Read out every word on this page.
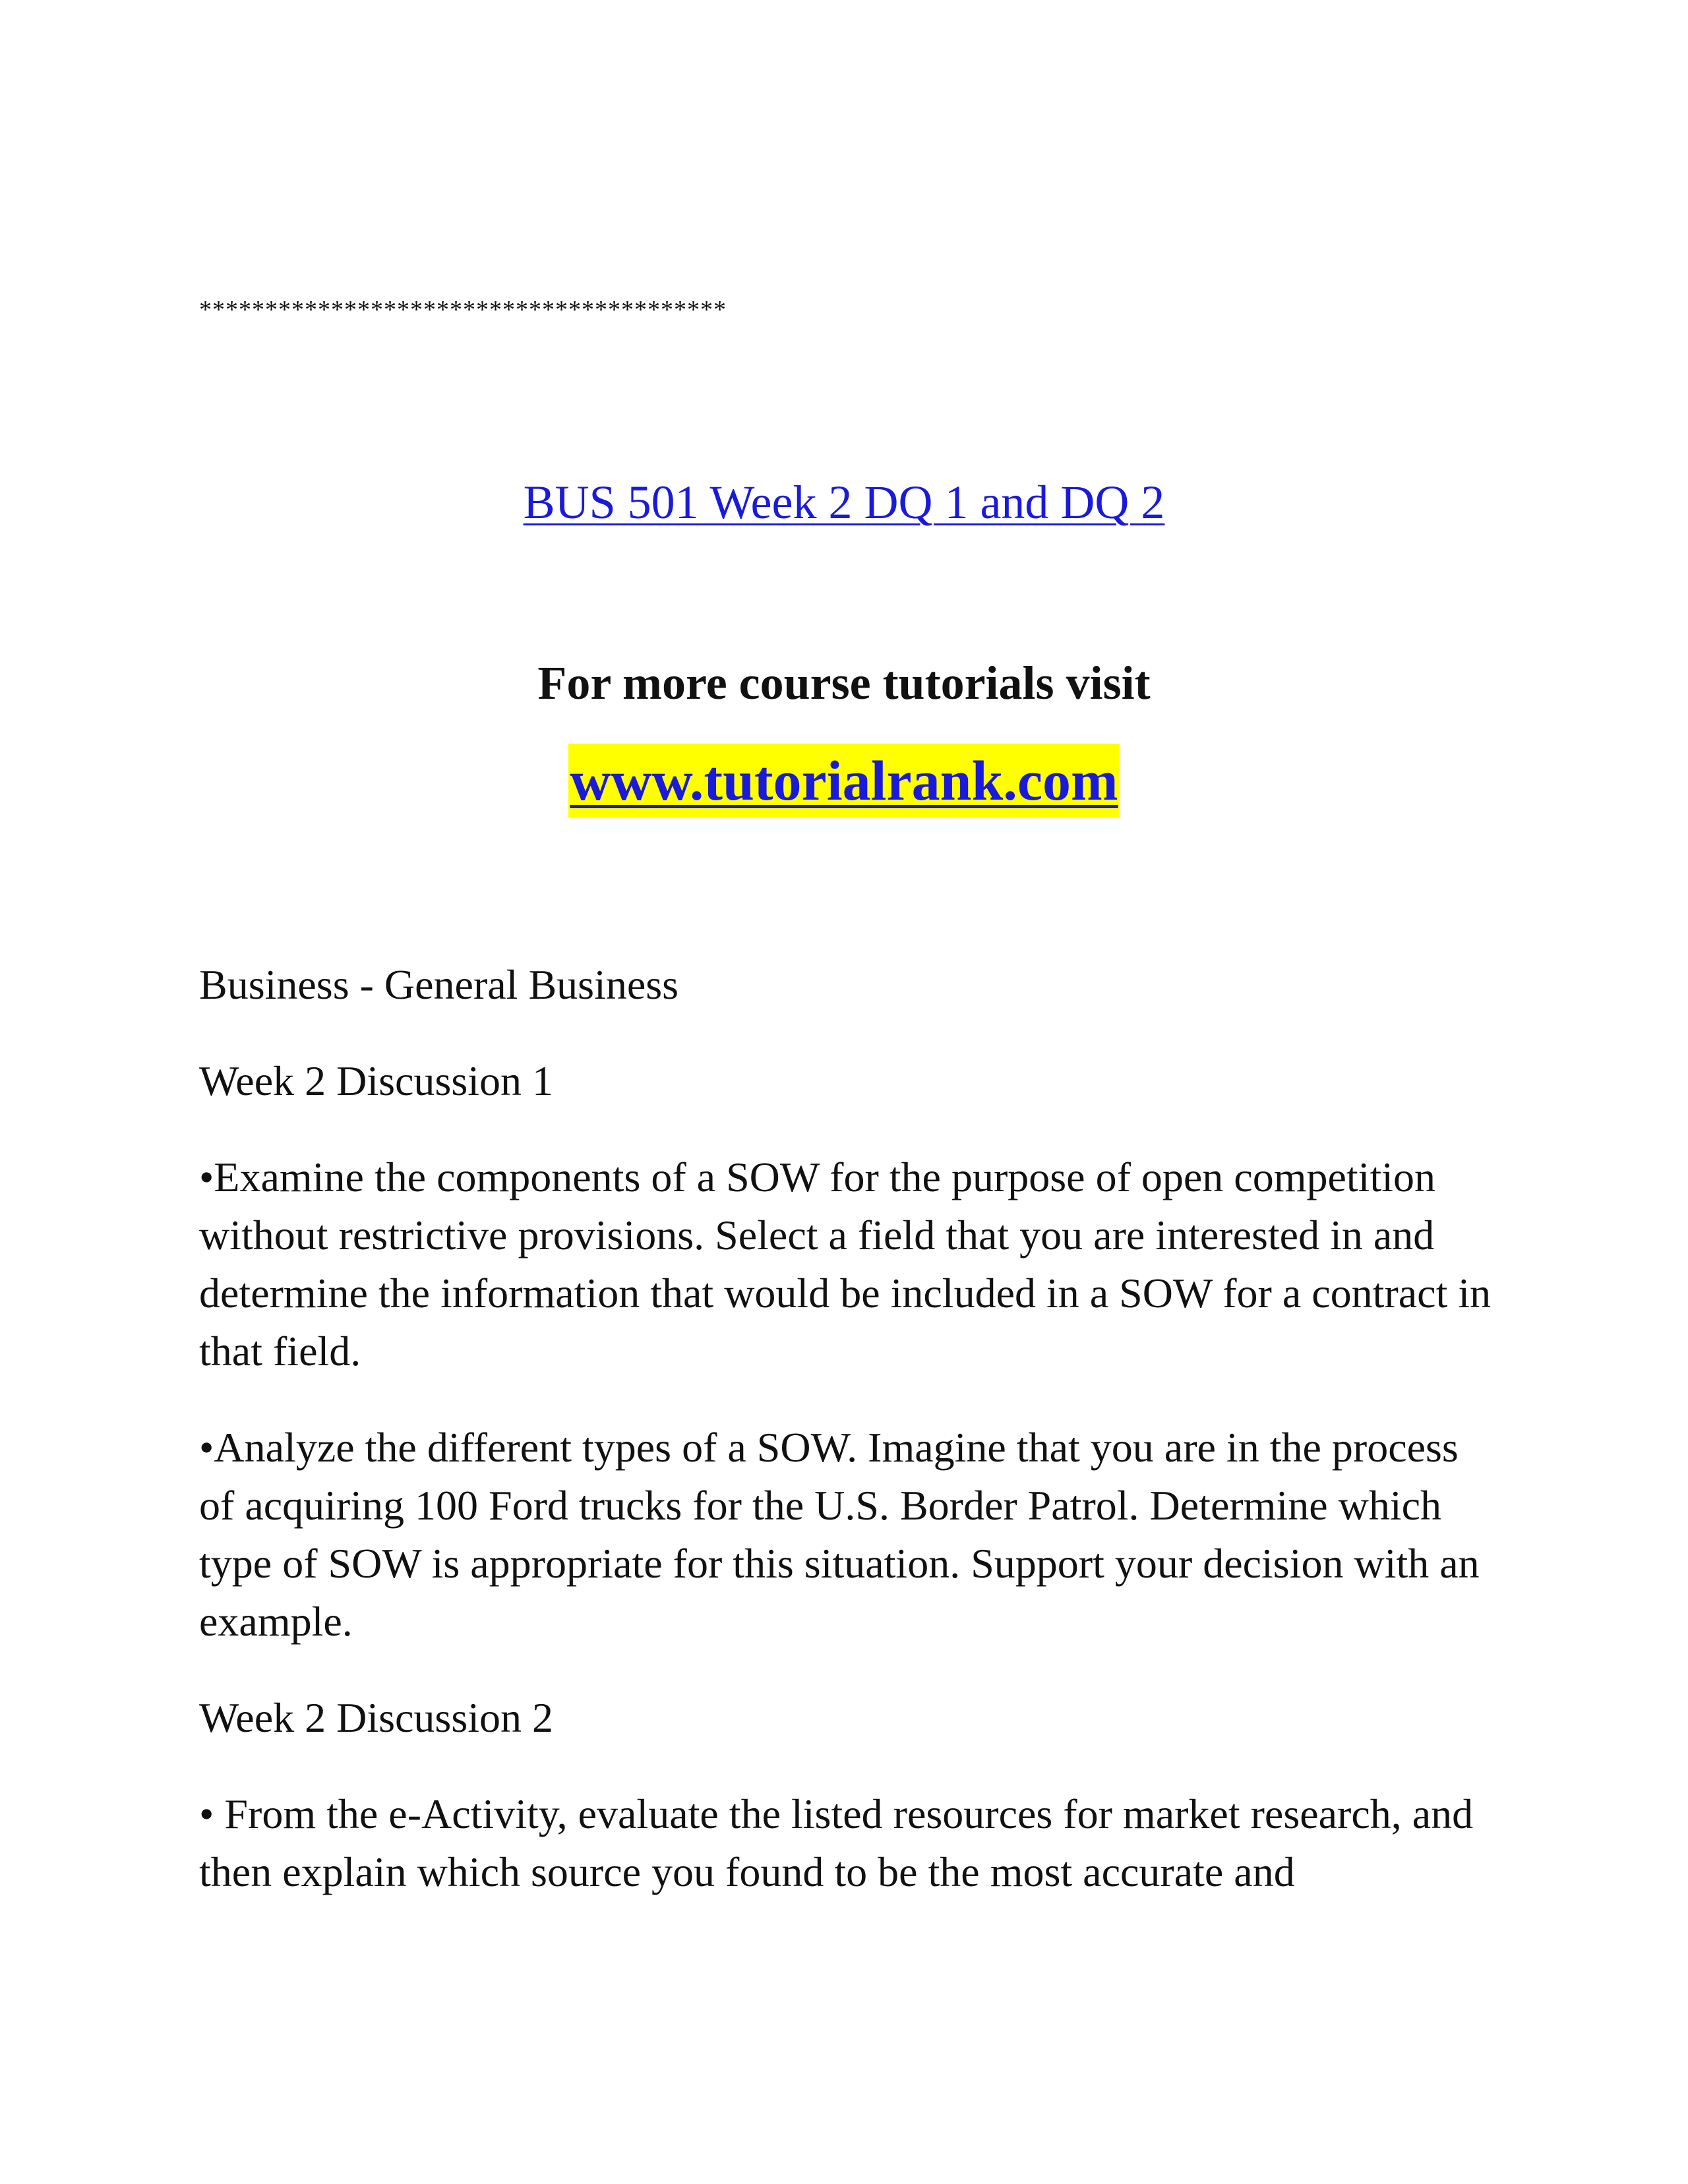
****************************************
BUS 501 Week 2 DQ 1 and DQ 2
For more course tutorials visit
www.tutorialrank.com

Business - General Business

Week 2 Discussion 1

•Examine the components of a SOW for the purpose of open competition without restrictive provisions. Select a field that you are interested in and determine the information that would be included in a SOW for a contract in that field.

•Analyze the different types of a SOW. Imagine that you are in the process of acquiring 100 Ford trucks for the U.S. Border Patrol. Determine which type of SOW is appropriate for this situation. Support your decision with an example.

Week 2 Discussion 2

• From the e-Activity, evaluate the listed resources for market research, and then explain which source you found to be the most accurate and
